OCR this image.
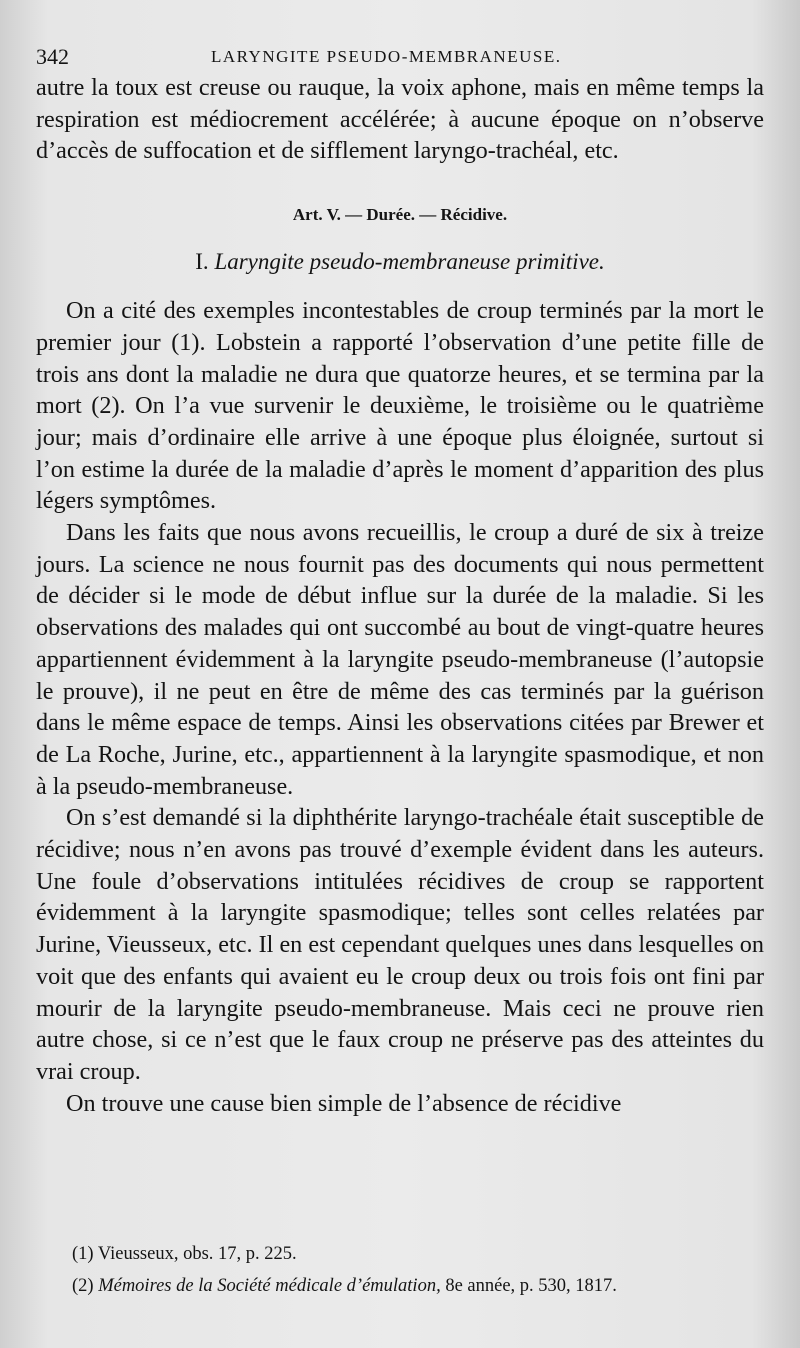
342	LARYNGITE PSEUDO-MEMBRANEUSE.

autre la toux est creuse ou rauque, la voix aphone, mais en même temps la respiration est médiocrement accélérée; à aucune époque on n’observe d’accès de suffocation et de sifflement laryngo-trachéal, etc.

Art. V. — Durée. — Récidive.

I. Laryngite pseudo-membraneuse primitive.

On a cité des exemples incontestables de croup terminés par la mort le premier jour (1). Lobstein a rapporté l’observation d’une petite fille de trois ans dont la maladie ne dura que quatorze heures, et se termina par la mort (2). On l’a vue survenir le deuxième, le troisième ou le quatrième jour; mais d’ordinaire elle arrive à une époque plus éloignée, surtout si l’on estime la durée de la maladie d’après le moment d’apparition des plus légers symptômes.

Dans les faits que nous avons recueillis, le croup a duré de six à treize jours. La science ne nous fournit pas des documents qui nous permettent de décider si le mode de début influe sur la durée de la maladie. Si les observations des malades qui ont succombé au bout de vingt-quatre heures appartiennent évidemment à la laryngite pseudo-membraneuse (l’autopsie le prouve), il ne peut en être de même des cas terminés par la guérison dans le même espace de temps. Ainsi les observations citées par Brewer et de La Roche, Jurine, etc., appartiennent à la laryngite spasmodique, et non à la pseudo-membraneuse.

On s’est demandé si la diphthérite laryngo-trachéale était susceptible de récidive; nous n’en avons pas trouvé d’exemple évident dans les auteurs. Une foule d’observations intitulées récidives de croup se rapportent évidemment à la laryngite spasmodique; telles sont celles relatées par Jurine, Vieusseux, etc. Il en est cependant quelques unes dans lesquelles on voit que des enfants qui avaient eu le croup deux ou trois fois ont fini par mourir de la laryngite pseudo-membraneuse. Mais ceci ne prouve rien autre chose, si ce n’est que le faux croup ne préserve pas des atteintes du vrai croup.

On trouve une cause bien simple de l’absence de récidive

(1) Vieusseux, obs. 17, p. 225.

(2) Mémoires de la Société médicale d’émulation, 8e année, p. 530, 1817.
